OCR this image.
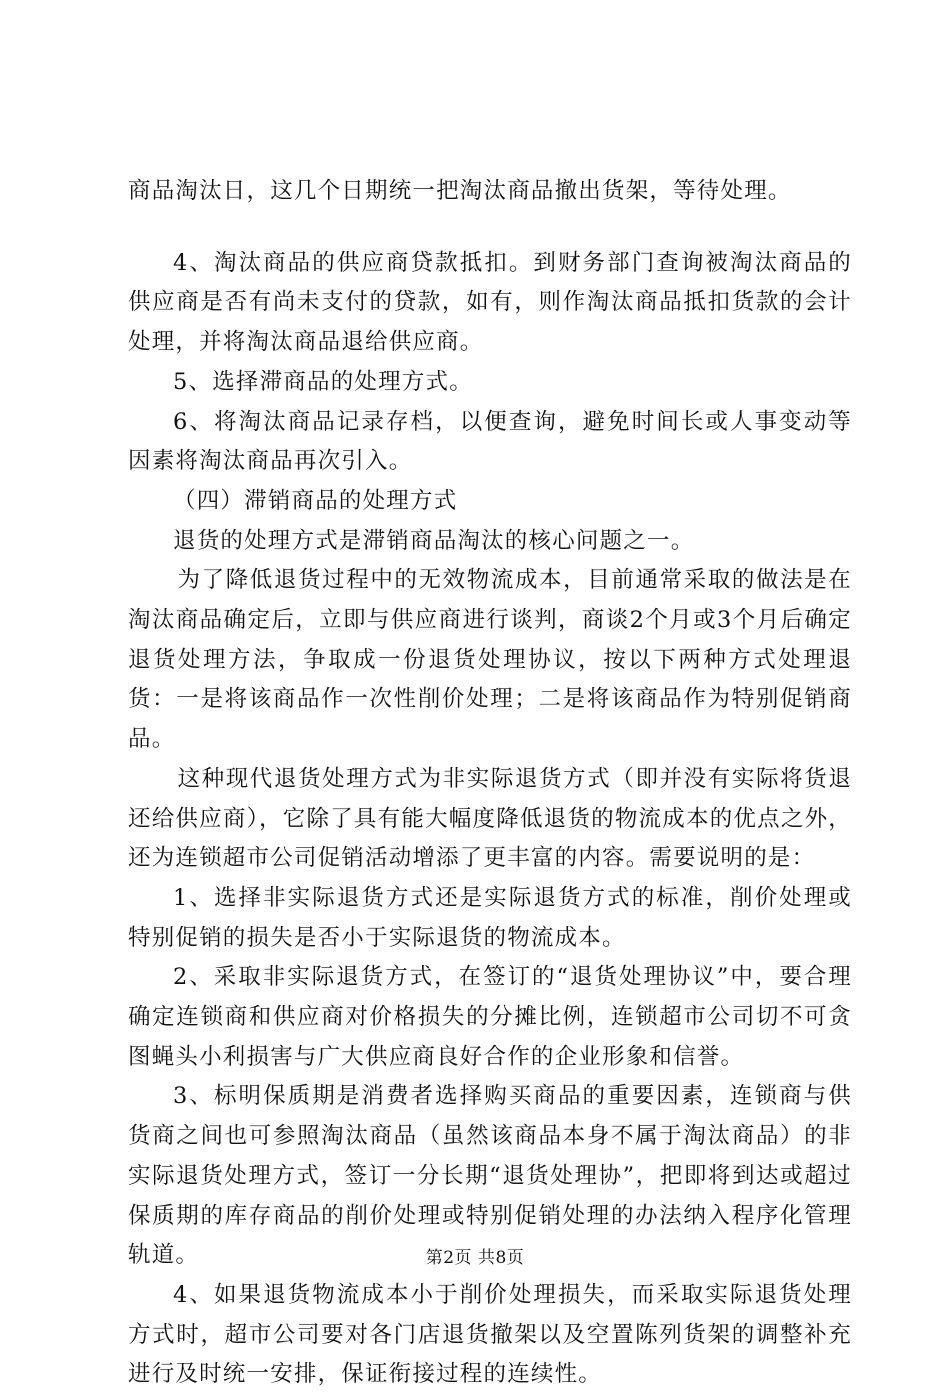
商品淘汰日，这几个日期统一把淘汰商品撤出货架，等待处理。

4、淘汰商品的供应商贷款抵扣。到财务部门查询被淘汰商品的供应商是否有尚未支付的贷款，如有，则作淘汰商品抵扣货款的会计处理，并将淘汰商品退给供应商。

5、选择滞商品的处理方式。

6、将淘汰商品记录存档，以便查询，避免时间长或人事变动等因素将淘汰商品再次引入。

（四）滞销商品的处理方式

退货的处理方式是滞销商品淘汰的核心问题之一。

为了降低退货过程中的无效物流成本，目前通常采取的做法是在淘汰商品确定后，立即与供应商进行谈判，商谈2个月或3个月后确定退货处理方法，争取成一份退货处理协议，按以下两种方式处理退货：一是将该商品作一次性削价处理；二是将该商品作为特别促销商品。

这种现代退货处理方式为非实际退货方式（即并没有实际将货退还给供应商），它除了具有能大幅度降低退货的物流成本的优点之外，还为连锁超市公司促销活动增添了更丰富的内容。需要说明的是：

1、选择非实际退货方式还是实际退货方式的标准，削价处理或特别促销的损失是否小于实际退货的物流成本。

2、采取非实际退货方式，在签订的“退货处理协议”中，要合理确定连锁商和供应商对价格损失的分摊比例，连锁超市公司切不可贪图蝇头小利损害与广大供应商良好合作的企业形象和信誉。

3、标明保质期是消费者选择购买商品的重要因素，连锁商与供货商之间也可参照淘汰商品（虽然该商品本身不属于淘汰商品）的非实际退货处理方式，签订一分长期“退货处理协”，把即将到达或超过保质期的库存商品的削价处理或特别促销处理的办法纳入程序化管理轨道。

4、如果退货物流成本小于削价处理损失，而采取实际退货处理方式时，超市公司要对各门店退货撤架以及空置陈列货架的调整补充进行及时统一安排，保证衔接过程的连续性。

第2页 共8页
